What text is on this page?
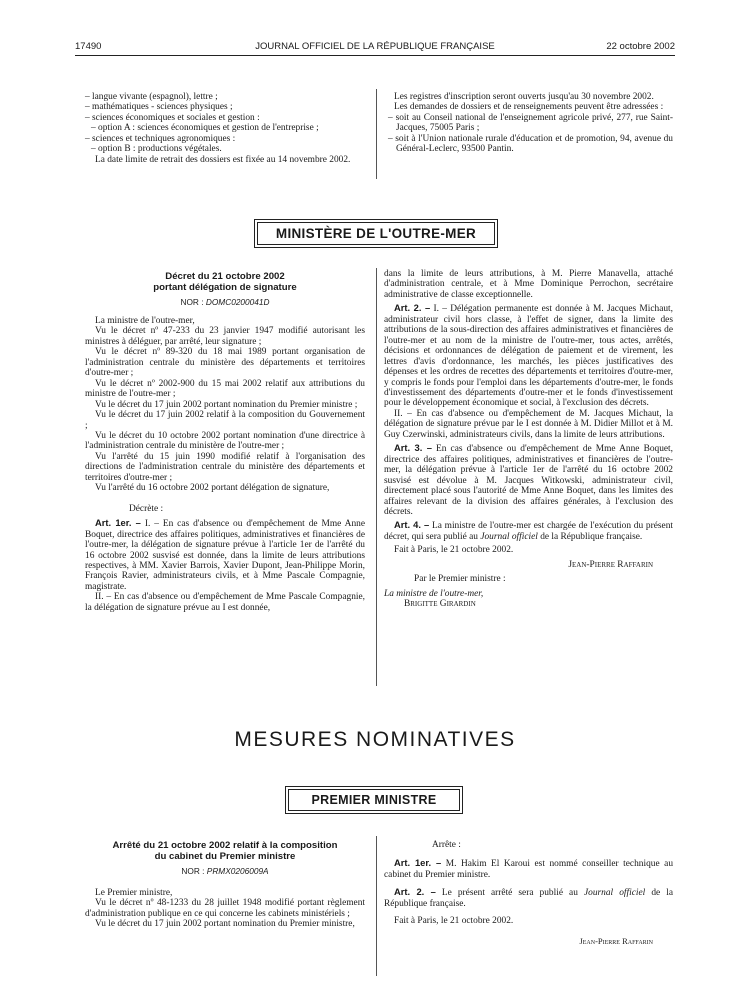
17490	JOURNAL OFFICIEL DE LA RÉPUBLIQUE FRANÇAISE	22 octobre 2002

– langue vivante (espagnol), lettre ;

– mathématiques - sciences physiques ;

– sciences économiques et sociales et gestion :

– option A : sciences économiques et gestion de l'entreprise ;

– sciences et techniques agronomiques :

– option B : productions végétales.

La date limite de retrait des dossiers est fixée au 14 novembre 2002.

Les registres d'inscription seront ouverts jusqu'au 30 novembre 2002.

Les demandes de dossiers et de renseignements peuvent être adressées :

– soit au Conseil national de l'enseignement agricole privé, 277, rue Saint-Jacques, 75005 Paris ;

– soit à l'Union nationale rurale d'éducation et de promotion, 94, avenue du Général-Leclerc, 93500 Pantin.

MINISTÈRE DE L'OUTRE-MER
Décret du 21 octobre 2002
portant délégation de signature
NOR : DOMC0200041D

La ministre de l'outre-mer,

Vu le décret nº 47-233 du 23 janvier 1947 modifié autorisant les ministres à déléguer, par arrêté, leur signature ;

Vu le décret nº 89-320 du 18 mai 1989 portant organisation de l'administration centrale du ministère des départements et territoires d'outre-mer ;

Vu le décret nº 2002-900 du 15 mai 2002 relatif aux attributions du ministre de l'outre-mer ;

Vu le décret du 17 juin 2002 portant nomination du Premier ministre ;

Vu le décret du 17 juin 2002 relatif à la composition du Gouvernement ;

Vu le décret du 10 octobre 2002 portant nomination d'une directrice à l'administration centrale du ministère de l'outre-mer ;

Vu l'arrêté du 15 juin 1990 modifié relatif à l'organisation des directions de l'administration centrale du ministère des départements et territoires d'outre-mer ;

Vu l'arrêté du 16 octobre 2002 portant délégation de signature,

Décrète :

Art. 1er. – I. – En cas d'absence ou d'empêchement de Mme Anne Boquet, directrice des affaires politiques, administratives et financières de l'outre-mer, la délégation de signature prévue à l'article 1er de l'arrêté du 16 octobre 2002 susvisé est donnée, dans la limite de leurs attributions respectives, à MM. Xavier Barrois, Xavier Dupont, Jean-Philippe Morin, François Ravier, administrateurs civils, et à Mme Pascale Compagnie, magistrate.

II. – En cas d'absence ou d'empêchement de Mme Pascale Compagnie, la délégation de signature prévue au I est donnée,

dans la limite de leurs attributions, à M. Pierre Manavella, attaché d'administration centrale, et à Mme Dominique Perrochon, secrétaire administrative de classe exceptionnelle.

Art. 2. – I. – Délégation permanente est donnée à M. Jacques Michaut, administrateur civil hors classe, à l'effet de signer, dans la limite des attributions de la sous-direction des affaires administratives et financières de l'outre-mer et au nom de la ministre de l'outre-mer, tous actes, arrêtés, décisions et ordonnances de délégation de paiement et de virement, les lettres d'avis d'ordonnance, les marchés, les pièces justificatives des dépenses et les ordres de recettes des départements et territoires d'outre-mer, y compris le fonds pour l'emploi dans les départements d'outre-mer, le fonds d'investissement des départements d'outre-mer et le fonds d'investissement pour le développement économique et social, à l'exclusion des décrets.

II. – En cas d'absence ou d'empêchement de M. Jacques Michaut, la délégation de signature prévue par le I est donnée à M. Didier Millot et à M. Guy Czerwinski, administrateurs civils, dans la limite de leurs attributions.

Art. 3. – En cas d'absence ou d'empêchement de Mme Anne Boquet, directrice des affaires politiques, administratives et financières de l'outre-mer, la délégation prévue à l'article 1er de l'arrêté du 16 octobre 2002 susvisé est dévolue à M. Jacques Witkowski, administrateur civil, directement placé sous l'autorité de Mme Anne Boquet, dans les limites des affaires relevant de la division des affaires générales, à l'exclusion des décrets.

Art. 4. – La ministre de l'outre-mer est chargée de l'exécution du présent décret, qui sera publié au Journal officiel de la République française.

Fait à Paris, le 21 octobre 2002.

Jean-Pierre Raffarin

Par le Premier ministre :

La ministre de l'outre-mer,

Brigitte Girardin

MESURES NOMINATIVES
PREMIER MINISTRE
Arrêté du 21 octobre 2002 relatif à la composition
du cabinet du Premier ministre
NOR : PRMX0206009A

Le Premier ministre,

Vu le décret nº 48-1233 du 28 juillet 1948 modifié portant règlement d'administration publique en ce qui concerne les cabinets ministériels ;

Vu le décret du 17 juin 2002 portant nomination du Premier ministre,

Arrête :

Art. 1er. – M. Hakim El Karoui est nommé conseiller technique au cabinet du Premier ministre.

Art. 2. – Le présent arrêté sera publié au Journal officiel de la République française.

Fait à Paris, le 21 octobre 2002.

Jean-Pierre Raffarin
